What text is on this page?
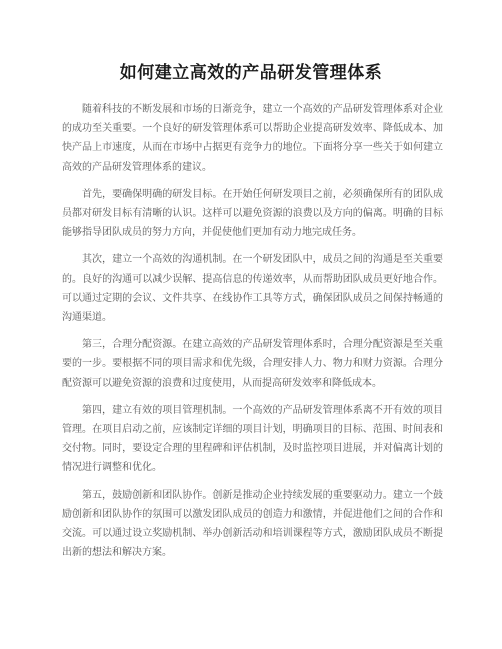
如何建立高效的产品研发管理体系

随着科技的不断发展和市场的日渐竞争，建立一个高效的产品研发管理体系对企业的成功至关重要。一个良好的研发管理体系可以帮助企业提高研发效率、降低成本、加快产品上市速度，从而在市场中占据更有竞争力的地位。下面将分享一些关于如何建立高效的产品研发管理体系的建议。

首先，要确保明确的研发目标。在开始任何研发项目之前，必须确保所有的团队成员都对研发目标有清晰的认识。这样可以避免资源的浪费以及方向的偏离。明确的目标能够指导团队成员的努力方向，并促使他们更加有动力地完成任务。

其次，建立一个高效的沟通机制。在一个研发团队中，成员之间的沟通是至关重要的。良好的沟通可以减少误解、提高信息的传递效率，从而帮助团队成员更好地合作。可以通过定期的会议、文件共享、在线协作工具等方式，确保团队成员之间保持畅通的沟通渠道。

第三，合理分配资源。在建立高效的产品研发管理体系时，合理分配资源是至关重要的一步。要根据不同的项目需求和优先级，合理安排人力、物力和财力资源。合理分配资源可以避免资源的浪费和过度使用，从而提高研发效率和降低成本。

第四，建立有效的项目管理机制。一个高效的产品研发管理体系离不开有效的项目管理。在项目启动之前，应该制定详细的项目计划，明确项目的目标、范围、时间表和交付物。同时，要设定合理的里程碑和评估机制，及时监控项目进展，并对偏离计划的情况进行调整和优化。

第五，鼓励创新和团队协作。创新是推动企业持续发展的重要驱动力。建立一个鼓励创新和团队协作的氛围可以激发团队成员的创造力和激情，并促进他们之间的合作和交流。可以通过设立奖励机制、举办创新活动和培训课程等方式，激励团队成员不断提出新的想法和解决方案。
